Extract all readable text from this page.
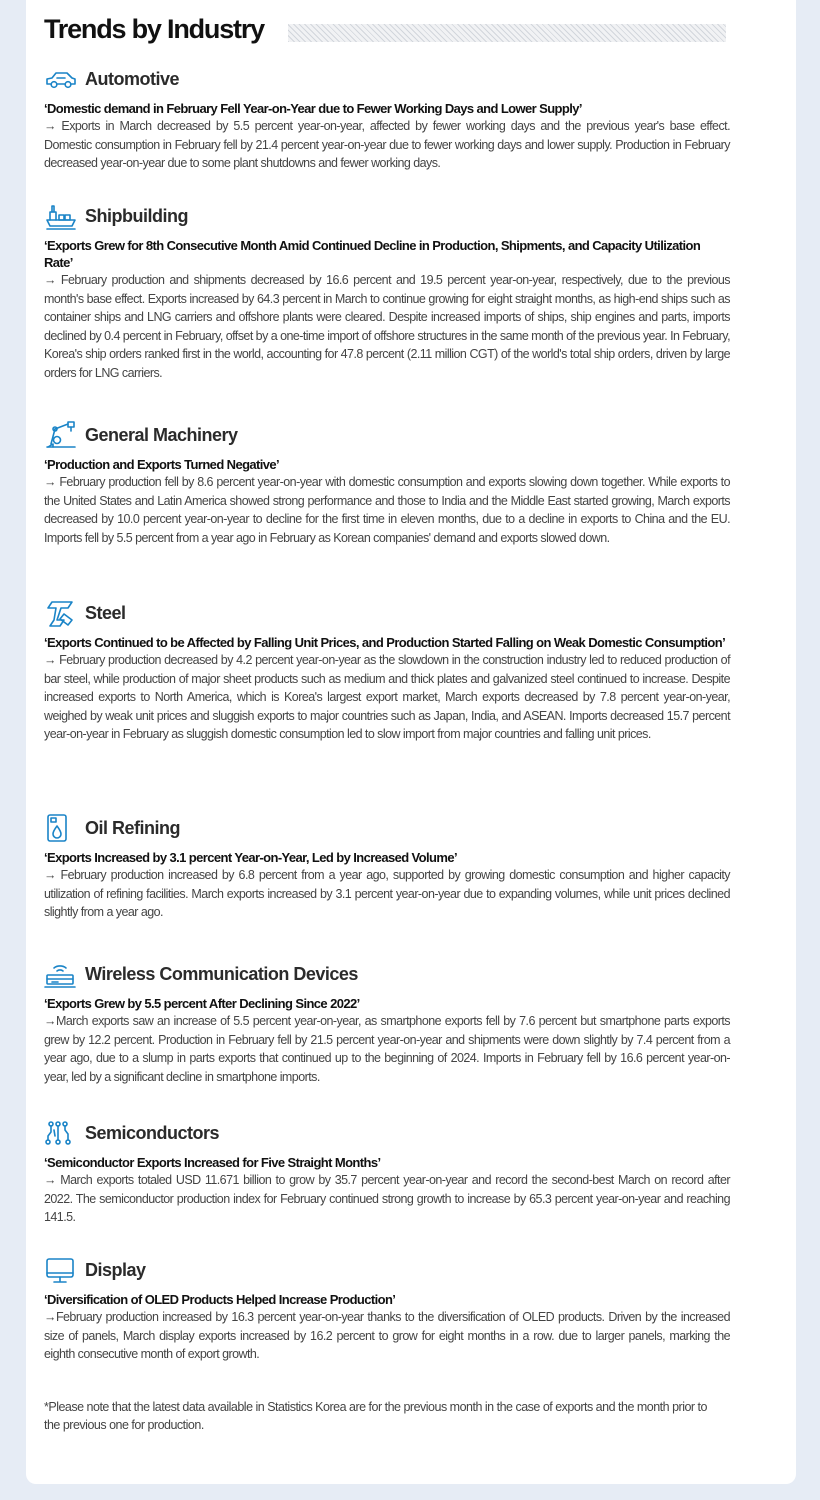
Trends by Industry
Automotive
‘Domestic demand in February Fell Year-on-Year due to Fewer Working Days and Lower Supply’
→ Exports in March decreased by 5.5 percent year-on-year, affected by fewer working days and the previous year's base effect. Domestic consumption in February fell by 21.4 percent year-on-year due to fewer working days and lower supply. Production in February decreased year-on-year due to some plant shutdowns and fewer working days.
Shipbuilding
‘Exports Grew for 8th Consecutive Month Amid Continued Decline in Production, Shipments, and Capacity Utilization Rate’
→ February production and shipments decreased by 16.6 percent and 19.5 percent year-on-year, respectively, due to the previous month's base effect. Exports increased by 64.3 percent in March to continue growing for eight straight months, as high-end ships such as container ships and LNG carriers and offshore plants were cleared. Despite increased imports of ships, ship engines and parts, imports declined by 0.4 percent in February, offset by a one-time import of offshore structures in the same month of the previous year. In February, Korea's ship orders ranked first in the world, accounting for 47.8 percent (2.11 million CGT) of the world's total ship orders, driven by large orders for LNG carriers.
General Machinery
‘Production and Exports Turned Negative’
→ February production fell by 8.6 percent year-on-year with domestic consumption and exports slowing down together. While exports to the United States and Latin America showed strong performance and those to India and the Middle East started growing, March exports decreased by 10.0 percent year-on-year to decline for the first time in eleven months, due to a decline in exports to China and the EU. Imports fell by 5.5 percent from a year ago in February as Korean companies' demand and exports slowed down.
Steel
‘Exports Continued to be Affected by Falling Unit Prices, and Production Started Falling on Weak Domestic Consumption’
→ February production decreased by 4.2 percent year-on-year as the slowdown in the construction industry led to reduced production of bar steel, while production of major sheet products such as medium and thick plates and galvanized steel continued to increase. Despite increased exports to North America, which is Korea's largest export market, March exports decreased by 7.8 percent year-on-year, weighed by weak unit prices and sluggish exports to major countries such as Japan, India, and ASEAN. Imports decreased 15.7 percent year-on-year in February as sluggish domestic consumption led to slow import from major countries and falling unit prices.
Oil Refining
‘Exports Increased by 3.1 percent Year-on-Year, Led by Increased Volume’
→ February production increased by 6.8 percent from a year ago, supported by growing domestic consumption and higher capacity utilization of refining facilities. March exports increased by 3.1 percent year-on-year due to expanding volumes, while unit prices declined slightly from a year ago.
Wireless Communication Devices
‘Exports Grew by 5.5 percent After Declining Since 2022’
→March exports saw an increase of 5.5 percent year-on-year, as smartphone exports fell by 7.6 percent but smartphone parts exports grew by 12.2 percent. Production in February fell by 21.5 percent year-on-year and shipments were down slightly by 7.4 percent from a year ago, due to a slump in parts exports that continued up to the beginning of 2024. Imports in February fell by 16.6 percent year-on-year, led by a significant decline in smartphone imports.
Semiconductors
‘Semiconductor Exports Increased for Five Straight Months’
→ March exports totaled USD 11.671 billion to grow by 35.7 percent year-on-year and record the second-best March on record after 2022. The semiconductor production index for February continued strong growth to increase by 65.3 percent year-on-year and reaching 141.5.
Display
‘Diversification of OLED Products Helped Increase Production’
→February production increased by 16.3 percent year-on-year thanks to the diversification of OLED products. Driven by the increased size of panels, March display exports increased by 16.2 percent to grow for eight months in a row. due to larger panels, marking the eighth consecutive month of export growth.
*Please note that the latest data available in Statistics Korea are for the previous month in the case of exports and the month prior to the previous one for production.
